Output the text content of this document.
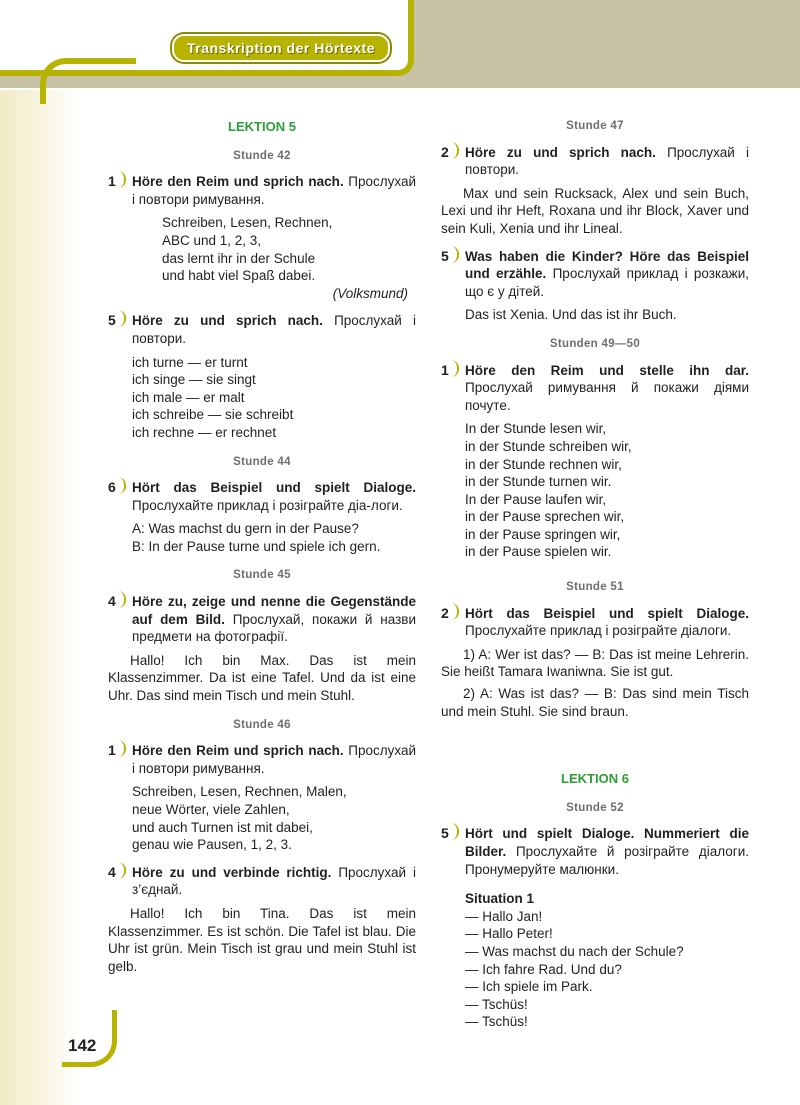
Transkription der Hörtexte
LEKTION 5
Stunde 42
1 Höre den Reim und sprich nach. Прослухай і повтори римування.
Schreiben, Lesen, Rechnen,
ABC und 1, 2, 3,
das lernt ihr in der Schule
und habt viel Spaß dabei.
(Volksmund)
5 Höre zu und sprich nach. Прослухай і повтори.
ich turne — er turnt
ich singe — sie singt
ich male — er malt
ich schreibe — sie schreibt
ich rechne — er rechnet
Stunde 44
6 Hört das Beispiel und spielt Dialoge. Прослухайте приклад і розіграйте діа-логи.
A: Was machst du gern in der Pause?
B: In der Pause turne und spiele ich gern.
Stunde 45
4 Höre zu, zeige und nenne die Gegenstände auf dem Bild. Прослухай, покажи й назви предмети на фотографії.
Hallo! Ich bin Max. Das ist mein Klassenzimmer. Da ist eine Tafel. Und da ist eine Uhr. Das sind mein Tisch und mein Stuhl.
Stunde 46
1 Höre den Reim und sprich nach. Прослухай і повтори римування.
Schreiben, Lesen, Rechnen, Malen,
neue Wörter, viele Zahlen,
und auch Turnen ist mit dabei,
genau wie Pausen, 1, 2, 3.
4 Höre zu und verbinde richtig. Прослухай і з’єднай.
Hallo! Ich bin Tina. Das ist mein Klassenzimmer. Es ist schön. Die Tafel ist blau. Die Uhr ist grün. Mein Tisch ist grau und mein Stuhl ist gelb.
Stunde 47
2 Höre zu und sprich nach. Прослухай і повтори.
Max und sein Rucksack, Alex und sein Buch, Lexi und ihr Heft, Roxana und ihr Block, Xaver und sein Kuli, Xenia und ihr Lineal.
5 Was haben die Kinder? Höre das Beispiel und erzähle. Прослухай приклад і розкажи, що є у дітей.
Das ist Xenia. Und das ist ihr Buch.
Stunden 49—50
1 Höre den Reim und stelle ihn dar. Прослухай римування й покажи діями почуте.
In der Stunde lesen wir,
in der Stunde schreiben wir,
in der Stunde rechnen wir,
in der Stunde turnen wir.
In der Pause laufen wir,
in der Pause sprechen wir,
in der Pause springen wir,
in der Pause spielen wir.
Stunde 51
2 Hört das Beispiel und spielt Dialoge. Прослухайте приклад і розіграйте діалоги.
1) A: Wer ist das? — B: Das ist meine Lehrerin. Sie heißt Tamara Iwaniwna. Sie ist gut.
2) A: Was ist das? — B: Das sind mein Tisch und mein Stuhl. Sie sind braun.
LEKTION 6
Stunde 52
5 Hört und spielt Dialoge. Nummeriert die Bilder. Прослухайте й розіграйте діалоги. Пронумеруйте малюнки.
Situation 1
— Hallo Jan!
— Hallo Peter!
— Was machst du nach der Schule?
— Ich fahre Rad. Und du?
— Ich spiele im Park.
— Tschüs!
— Tschüs!
142
